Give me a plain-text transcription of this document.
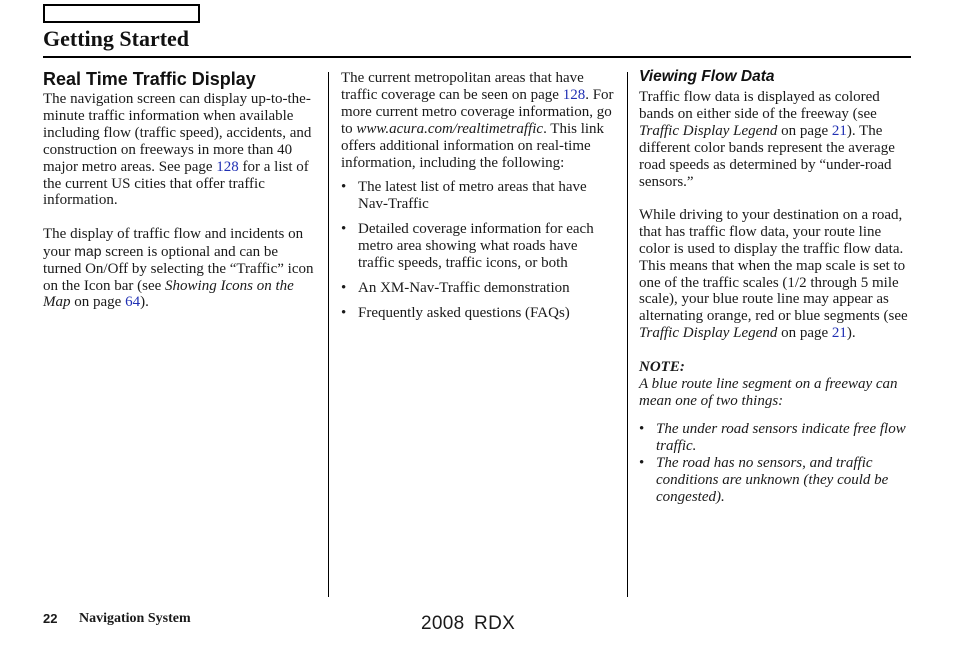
Getting Started
Real Time Traffic Display

The navigation screen can display up-to-the-minute traffic information when available including flow (traffic speed), accidents, and construction on freeways in more than 40 major metro areas. See page 128 for a list of the current US cities that offer traffic information.

The display of traffic flow and incidents on your map screen is optional and can be turned On/Off by selecting the “Traffic” icon on the Icon bar (see Showing Icons on the Map on page 64).

The current metropolitan areas that have traffic coverage can be seen on page 128. For more current metro coverage information, go to www.acura.com/realtimetraffic. This link offers additional information on real-time information, including the following:

• The latest list of metro areas that have Nav-Traffic
• Detailed coverage information for each metro area showing what roads have traffic speeds, traffic icons, or both
• An XM-Nav-Traffic demonstration
• Frequently asked questions (FAQs)
Viewing Flow Data

Traffic flow data is displayed as colored bands on either side of the freeway (see Traffic Display Legend on page 21). The different color bands represent the average road speeds as determined by “under-road sensors.”

While driving to your destination on a road, that has traffic flow data, your route line color is used to display the traffic flow data. This means that when the map scale is set to one of the traffic scales (1/2 through 5 mile scale), your blue route line may appear as alternating orange, red or blue segments (see Traffic Display Legend on page 21).

NOTE:

A blue route line segment on a freeway can mean one of two things:

• The under road sensors indicate free flow traffic.
• The road has no sensors, and traffic conditions are unknown (they could be congested).
22 Navigation System	2008 RDX
